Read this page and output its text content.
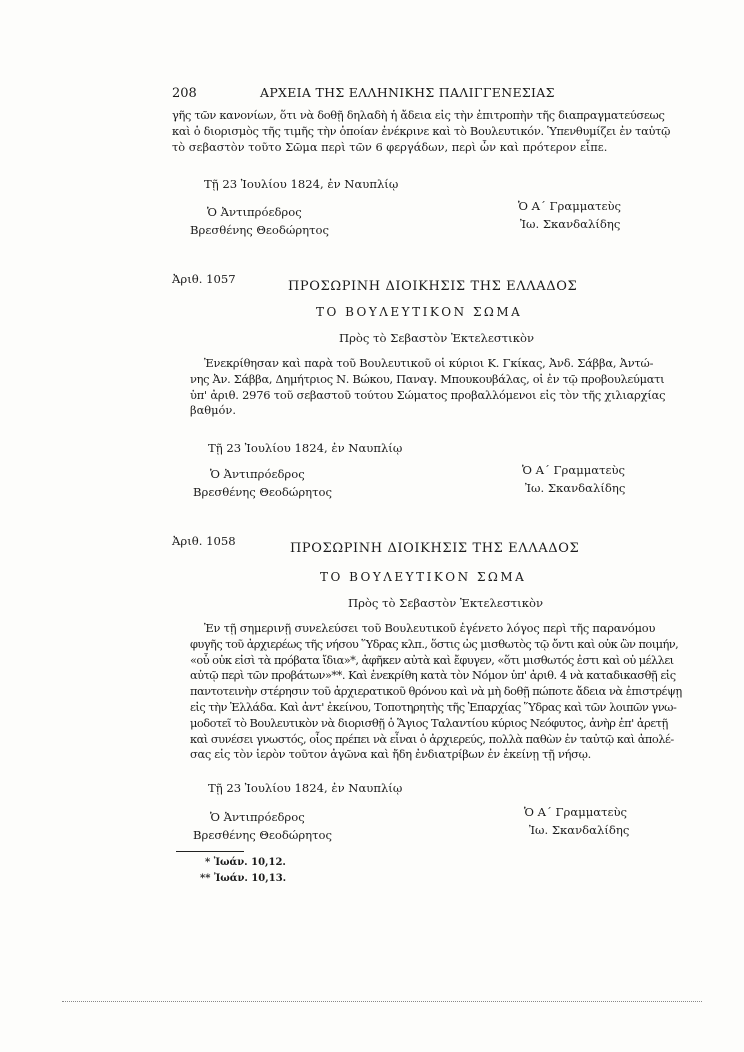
208	ΑΡΧΕΙΑ ΤΗΣ ΕΛΛΗΝΙΚΗΣ ΠΑΛΙΓΓΕΝΕΣΙΑΣ

γῆς τῶν κανονίων, ὅτι νὰ δοθῇ δηλαδὴ ἡ ἄδεια εἰς τὴν ἐπιτροπὴν τῆς διαπραγματεύσεως

καὶ ὁ διορισμὸς τῆς τιμῆς τὴν ὁποίαν ἐνέκρινε καὶ τὸ Βουλευτικόν. Ὑπενθυμίζει ἐν ταὐτῷ

τὸ σεβαστὸν τοῦτο Σῶμα περὶ τῶν 6 φεργάδων, περὶ ὧν καὶ πρότερον εἶπε.

Τῇ 23 Ἰουλίου 1824, ἐν Ναυπλίῳ
Ὁ Ἀντιπρόεδρος
Βρεσθένης Θεοδώρητος
Ὁ Α΄ Γραμματεὺς
Ἰω. Σκανδαλίδης
Ἀριθ. 1057	ΠΡΟΣΩΡΙΝΗ ΔΙΟΙΚΗΣΙΣ ΤΗΣ ΕΛΛΑΔΟΣ
ΤΟ ΒΟΥΛΕΥΤΙΚΟΝ ΣΩΜΑ
Πρὸς τὸ Σεβαστὸν Ἐκτελεστικὸν

Ἐνεκρίθησαν καὶ παρὰ τοῦ Βουλευτικοῦ οἱ κύριοι Κ. Γκίκας, Ἀνδ. Σάββα, Ἀντώ-

νης Ἀν. Σάββα, Δημήτριος Ν. Βώκου, Παναγ. Μπουκουβάλας, οἱ ἐν τῷ προβουλεύματι

ὑπ' ἀριθ. 2976 τοῦ σεβαστοῦ τούτου Σώματος προβαλλόμενοι εἰς τὸν τῆς χιλιαρχίας

βαθμόν.

Τῇ 23 Ἰουλίου 1824, ἐν Ναυπλίῳ
Ὁ Ἀντιπρόεδρος
Βρεσθένης Θεοδώρητος
Ὁ Α΄ Γραμματεὺς
Ἰω. Σκανδαλίδης
Ἀριθ. 1058	ΠΡΟΣΩΡΙΝΗ ΔΙΟΙΚΗΣΙΣ ΤΗΣ ΕΛΛΑΔΟΣ
ΤΟ ΒΟΥΛΕΥΤΙΚΟΝ ΣΩΜΑ
Πρὸς τὸ Σεβαστὸν Ἐκτελεστικὸν

Ἐν τῇ σημερινῇ συνελεύσει τοῦ Βουλευτικοῦ ἐγένετο λόγος περὶ τῆς παρανόμου

φυγῆς τοῦ ἀρχιερέως τῆς νήσου Ὕδρας κλπ., ὅστις ὡς μισθωτὸς τῷ ὄντι καὶ οὐκ ὢν ποιμήν,

«οὗ οὐκ εἰσὶ τὰ πρόβατα ἴδια»*, ἀφῆκεν αὐτὰ καὶ ἔφυγεν, «ὅτι μισθωτός ἐστι καὶ οὐ μέλλει

αὐτῷ περὶ τῶν προβάτων»**. Καὶ ἐνεκρίθη κατὰ τὸν Νόμον ὑπ' ἀριθ. 4 νὰ καταδικασθῇ εἰς

παντοτεινὴν στέρησιν τοῦ ἀρχιερατικοῦ θρόνου καὶ νὰ μὴ δοθῇ πώποτε ἄδεια νὰ ἐπιστρέψῃ

εἰς τὴν Ἑλλάδα. Καὶ ἀντ' ἐκείνου, Τοποτηρητὴς τῆς Ἐπαρχίας Ὕδρας καὶ τῶν λοιπῶν γνω-

μοδοτεῖ τὸ Βουλευτικὸν νὰ διορισθῇ ὁ Ἅγιος Ταλαντίου κύριος Νεόφυτος, ἀνὴρ ἐπ' ἀρετῇ

καὶ συνέσει γνωστός, οἷος πρέπει νὰ εἶναι ὁ ἀρχιερεύς, πολλὰ παθὼν ἐν ταὐτῷ καὶ ἀπολέ-

σας εἰς τὸν ἱερὸν τοῦτον ἀγῶνα καὶ ἤδη ἐνδιατρίβων ἐν ἐκείνῃ τῇ νήσῳ.

Τῇ 23 Ἰουλίου 1824, ἐν Ναυπλίῳ
Ὁ Ἀντιπρόεδρος
Βρεσθένης Θεοδώρητος
Ὁ Α΄ Γραμματεὺς
Ἰω. Σκανδαλίδης
* Ἰωάν. 10,12.
** Ἰωάν. 10,13.
